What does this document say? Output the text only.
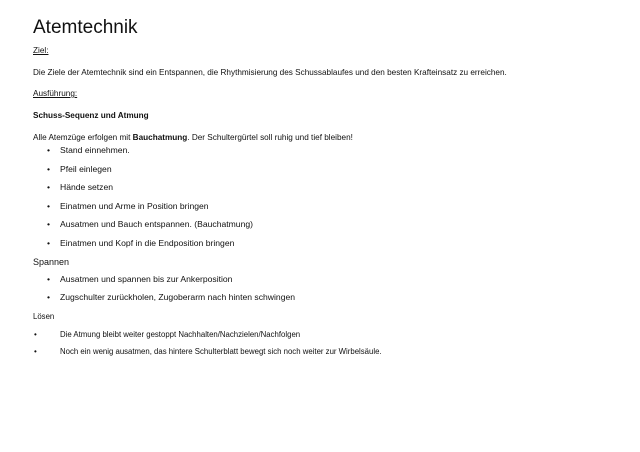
Atemtechnik
Ziel:
Die Ziele der Atemtechnik sind ein Entspannen, die Rhythmisierung des Schussablaufes und den besten Krafteinsatz zu erreichen.
Ausführung:
Schuss-Sequenz und Atmung
Alle Atemzüge erfolgen mit Bauchatmung. Der Schultergürtel soll ruhig und tief bleiben!
• Stand einnehmen.
• Pfeil einlegen
• Hände setzen
• Einatmen und Arme in Position bringen
• Ausatmen und Bauch entspannen. (Bauchatmung)
• Einatmen und Kopf in die Endposition bringen
Spannen
• Ausatmen und spannen bis zur Ankerposition
• Zugschulter zurückholen, Zugoberarm nach hinten schwingen
Lösen
•	Die Atmung bleibt weiter gestoppt Nachhalten/Nachzielen/Nachfolgen
•	Noch ein wenig ausatmen, das hintere Schulterblatt bewegt sich noch weiter zur Wirbelsäule.
